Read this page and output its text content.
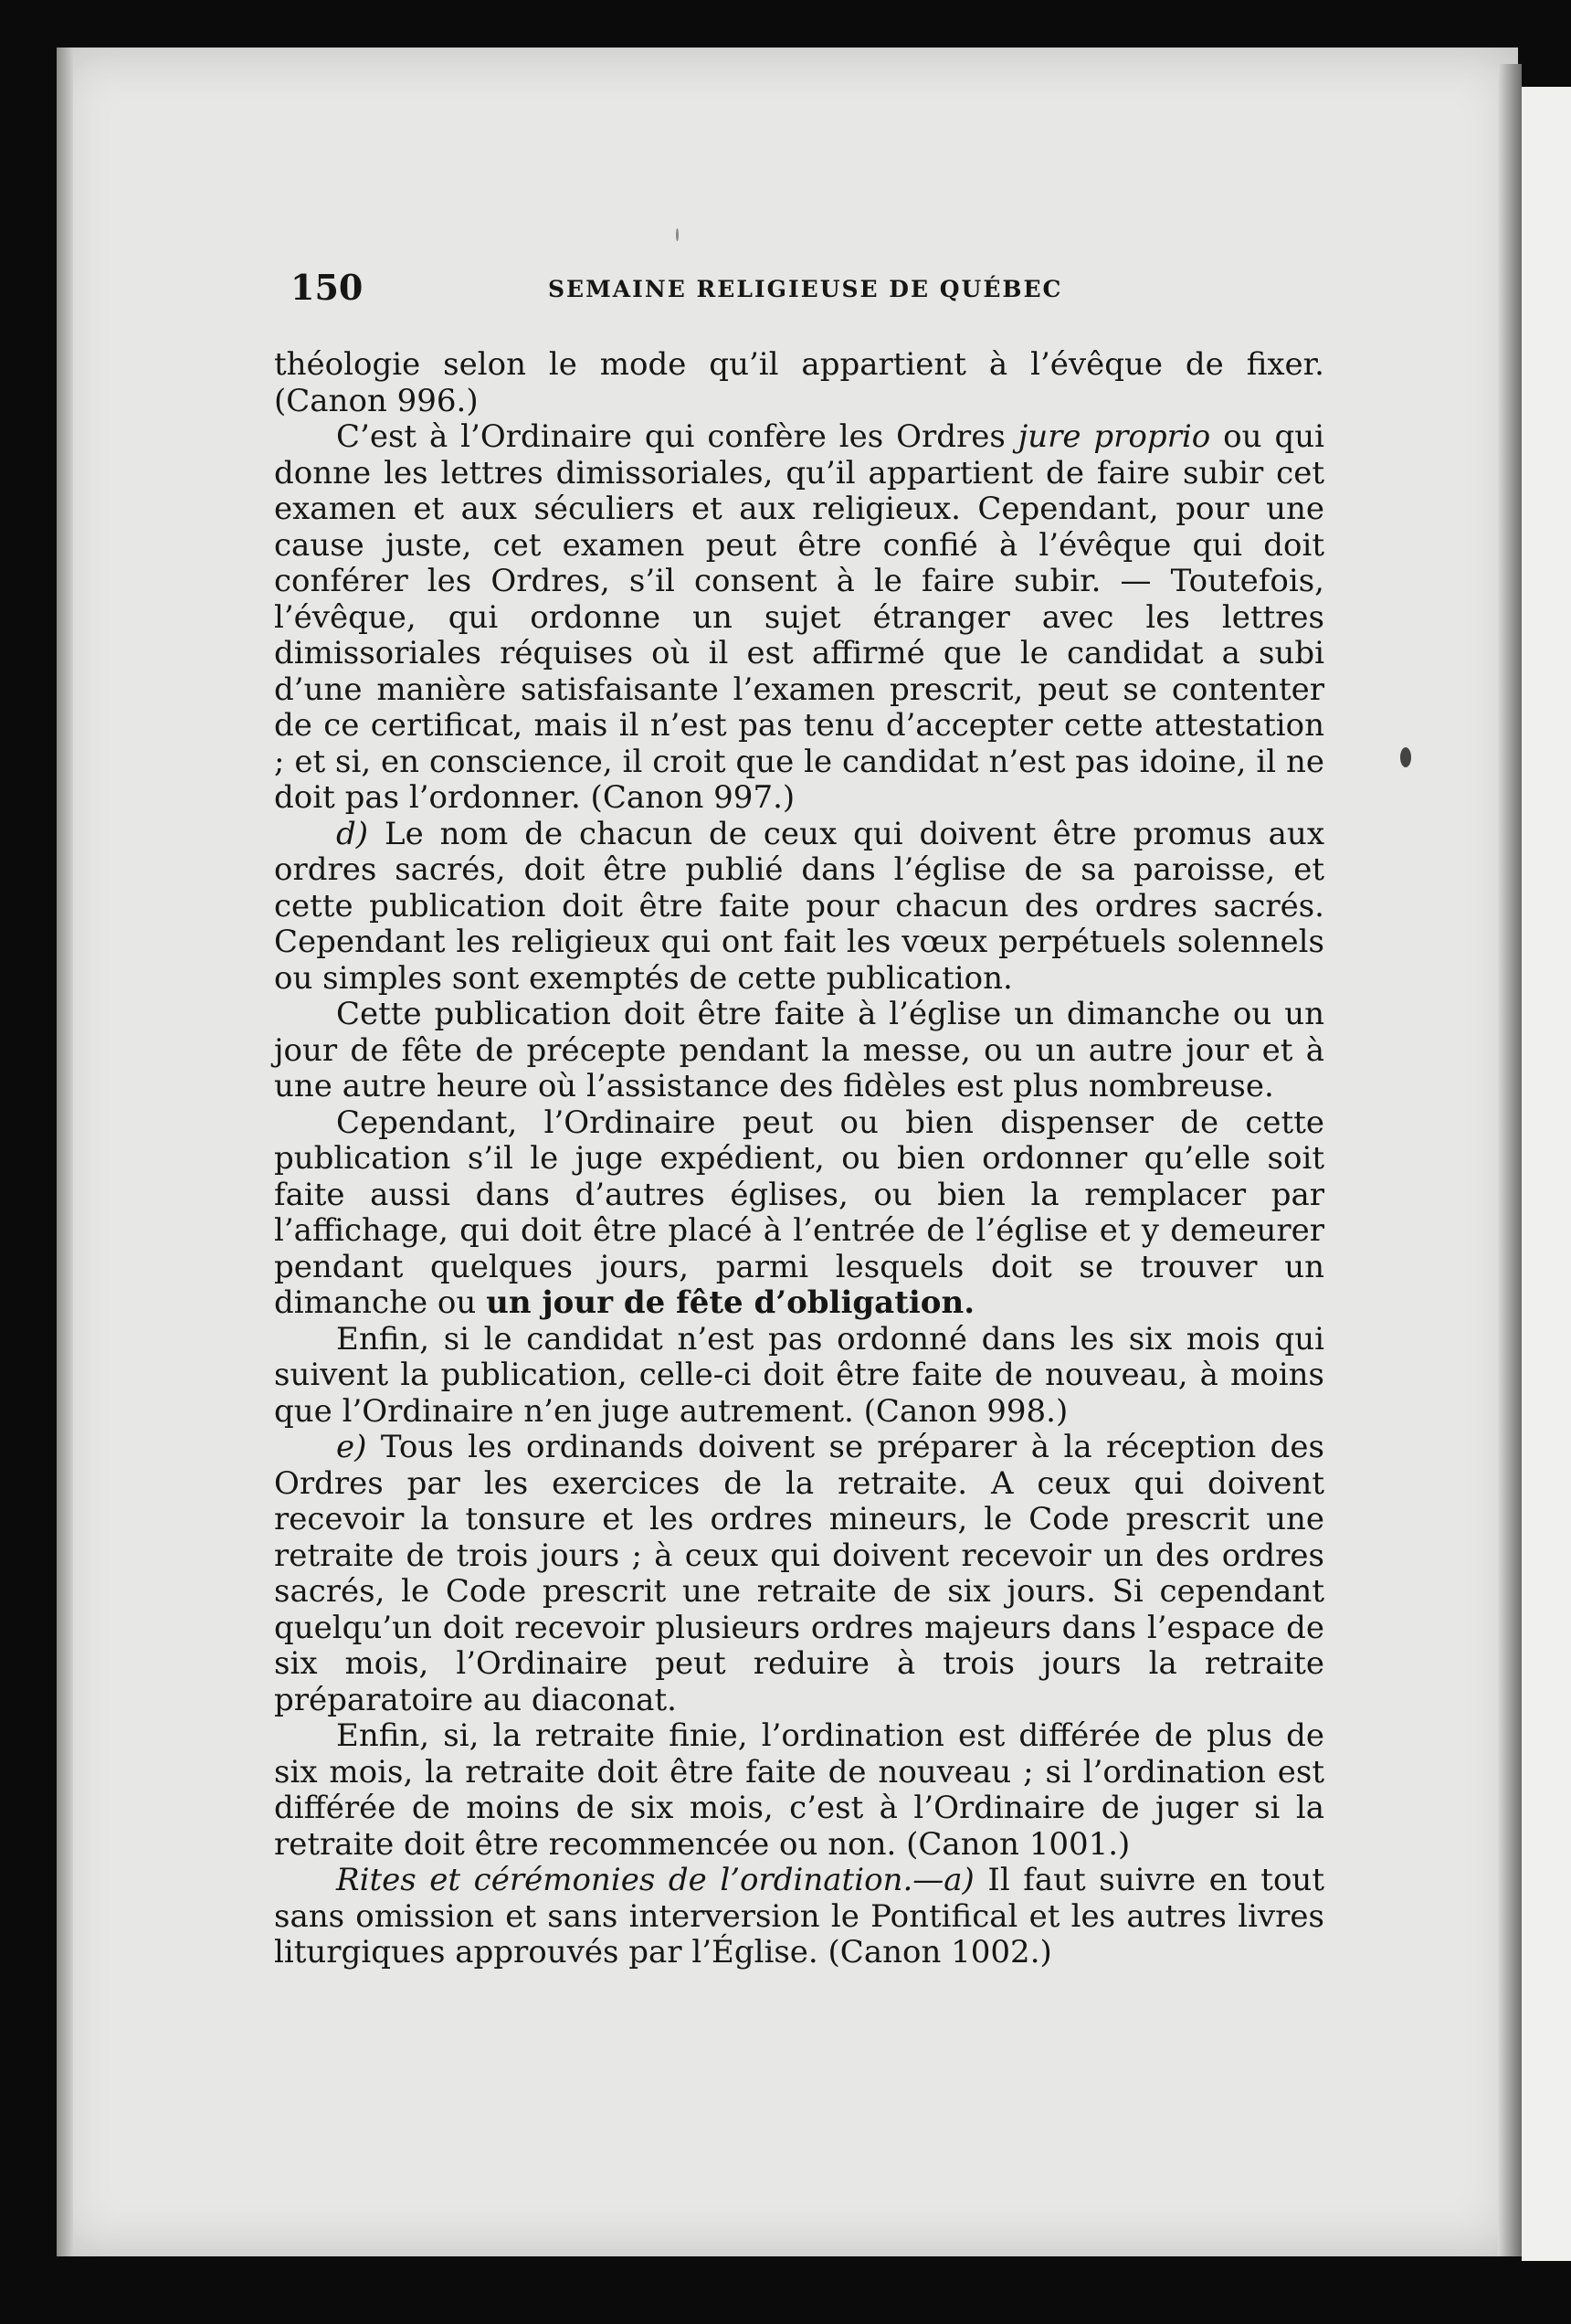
150	SEMAINE RELIGIEUSE DE QUÉBEC

théologie selon le mode qu’il appartient à l’évêque de fixer. (Canon 996.)

C’est à l’Ordinaire qui confère les Ordres jure proprio ou qui donne les lettres dimissoriales, qu’il appartient de faire subir cet examen et aux séculiers et aux religieux. Cependant, pour une cause juste, cet examen peut être confié à l’évêque qui doit conférer les Ordres, s’il consent à le faire subir. — Toutefois, l’évêque, qui ordonne un sujet étranger avec les lettres dimissoriales réquises où il est affirmé que le candidat a subi d’une manière satisfaisante l’examen prescrit, peut se contenter de ce certificat, mais il n’est pas tenu d’accepter cette attestation ; et si, en conscience, il croit que le candidat n’est pas idoine, il ne doit pas l’ordonner. (Canon 997.)

d) Le nom de chacun de ceux qui doivent être promus aux ordres sacrés, doit être publié dans l’église de sa paroisse, et cette publication doit être faite pour chacun des ordres sacrés. Cependant les religieux qui ont fait les vœux perpétuels solennels ou simples sont exemptés de cette publication.

Cette publication doit être faite à l’église un dimanche ou un jour de fête de précepte pendant la messe, ou un autre jour et à une autre heure où l’assistance des fidèles est plus nombreuse.

Cependant, l’Ordinaire peut ou bien dispenser de cette publication s’il le juge expédient, ou bien ordonner qu’elle soit faite aussi dans d’autres églises, ou bien la remplacer par l’affichage, qui doit être placé à l’entrée de l’église et y demeurer pendant quelques jours, parmi lesquels doit se trouver un dimanche ou un jour de fête d’obligation.

Enfin, si le candidat n’est pas ordonné dans les six mois qui suivent la publication, celle-ci doit être faite de nouveau, à moins que l’Ordinaire n’en juge autrement. (Canon 998.)

e) Tous les ordinands doivent se préparer à la réception des Ordres par les exercices de la retraite. A ceux qui doivent recevoir la tonsure et les ordres mineurs, le Code prescrit une retraite de trois jours ; à ceux qui doivent recevoir un des ordres sacrés, le Code prescrit une retraite de six jours. Si cependant quelqu’un doit recevoir plusieurs ordres majeurs dans l’espace de six mois, l’Ordinaire peut reduire à trois jours la retraite préparatoire au diaconat.

Enfin, si, la retraite finie, l’ordination est différée de plus de six mois, la retraite doit être faite de nouveau ; si l’ordination est différée de moins de six mois, c’est à l’Ordinaire de juger si la retraite doit être recommencée ou non. (Canon 1001.)

Rites et cérémonies de l’ordination.—a) Il faut suivre en tout sans omission et sans interversion le Pontifical et les autres livres liturgiques approuvés par l’Église. (Canon 1002.)
